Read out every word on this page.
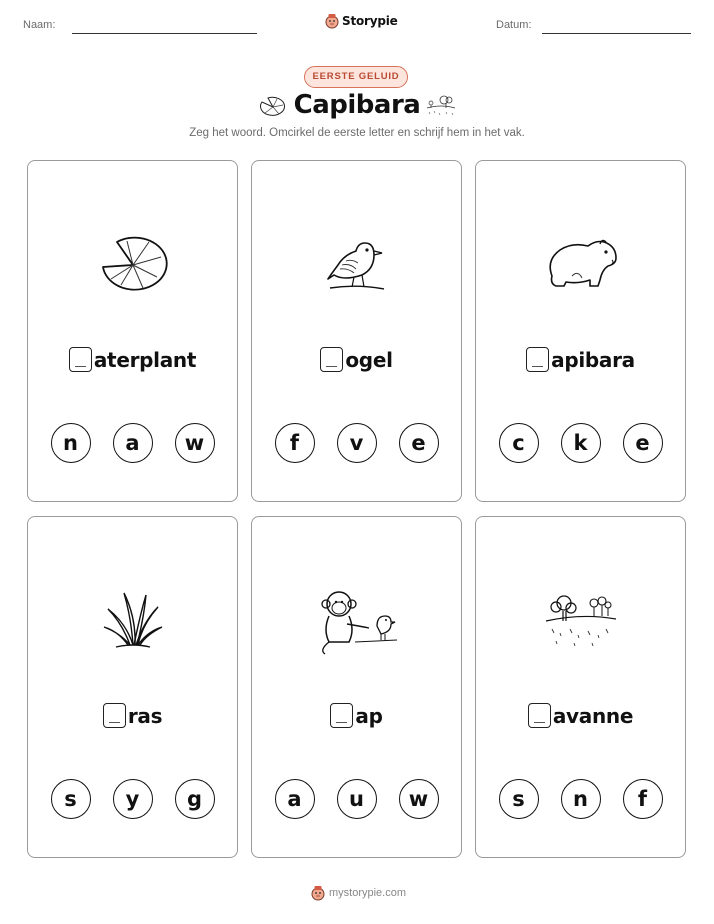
Naam:	Storypie	Datum:
EERSTE GELUID
Capibara
Zeg het woord. Omcirkel de eerste letter en schrijf hem in het vak.
aterplant
n	a	w
ogel
f	v	e
apibara
c	k	e
ras
s	y	g
ap
a	u	w
avanne
s	n	f
mystorypie.com
